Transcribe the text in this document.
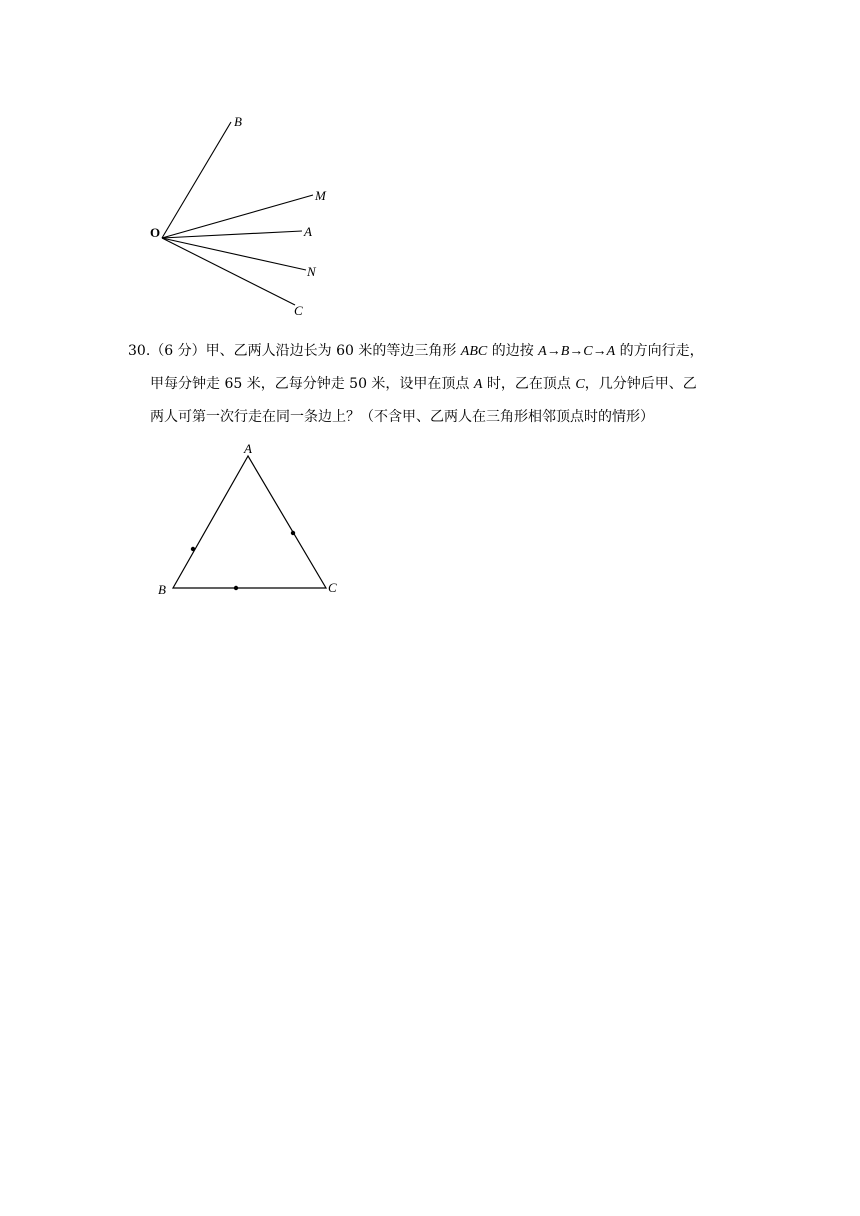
B
M
A
N
C
O
30.（6 分）甲、乙两人沿边长为 60 米的等边三角形 ABC 的边按 A→B→C→A 的方向行走，
甲每分钟走 65 米，乙每分钟走 50 米，设甲在顶点 A 时，乙在顶点 C，几分钟后甲、乙
两人可第一次行走在同一条边上？（不含甲、乙两人在三角形相邻顶点时的情形）
A
B	C
